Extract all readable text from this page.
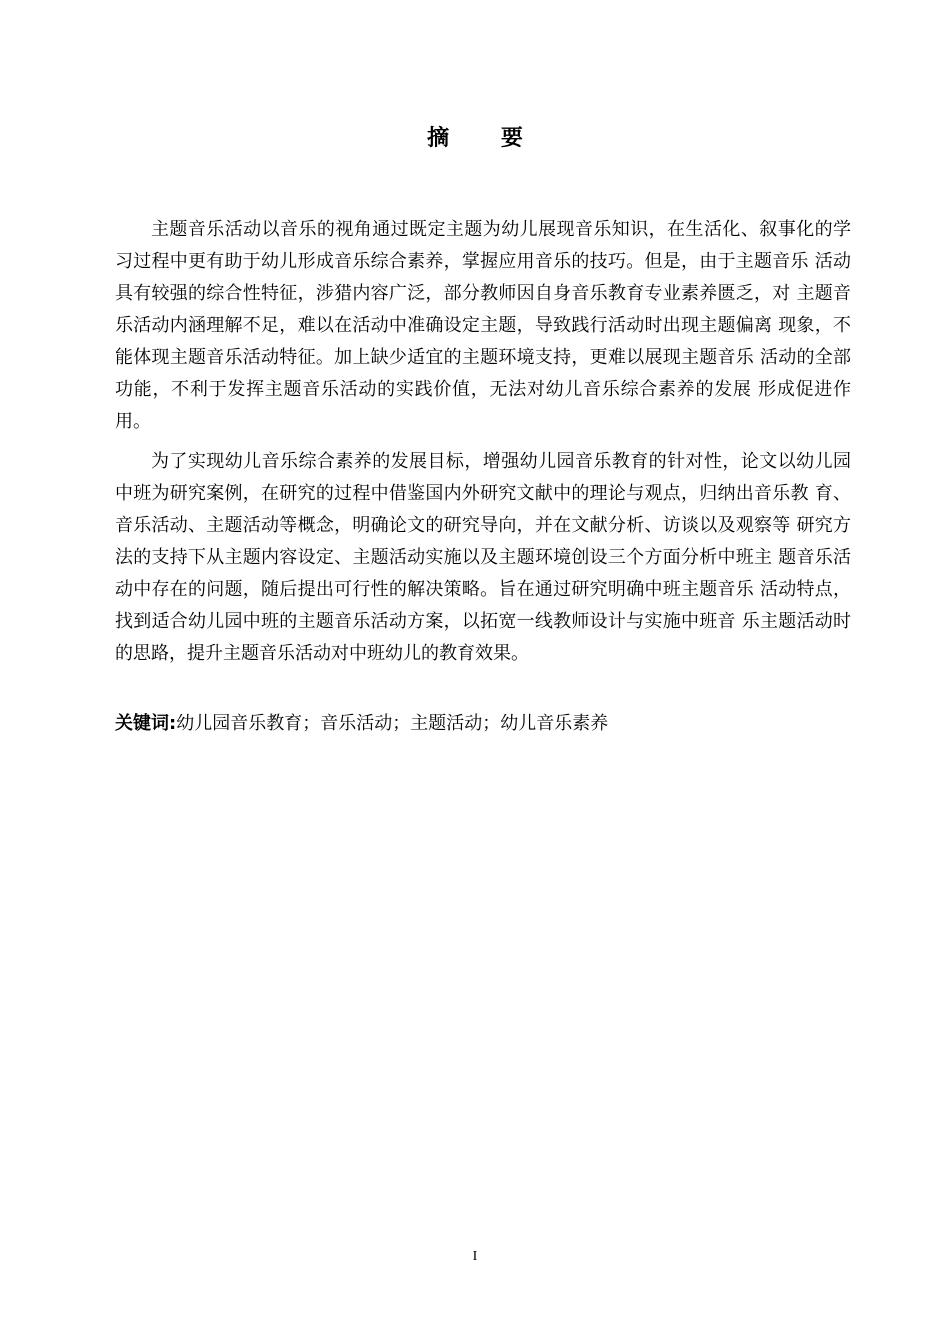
摘 要

主题音乐活动以音乐的视角通过既定主题为幼儿展现音乐知识，在生活化、叙事化的学习过程中更有助于幼儿形成音乐综合素养，掌握应用音乐的技巧。但是，由于主题音乐 活动具有较强的综合性特征，涉猎内容广泛，部分教师因自身音乐教育专业素养匮乏，对 主题音乐活动内涵理解不足，难以在活动中准确设定主题，导致践行活动时出现主题偏离 现象，不能体现主题音乐活动特征。加上缺少适宜的主题环境支持，更难以展现主题音乐 活动的全部功能，不利于发挥主题音乐活动的实践价值，无法对幼儿音乐综合素养的发展 形成促进作用。

为了实现幼儿音乐综合素养的发展目标，增强幼儿园音乐教育的针对性，论文以幼儿园中班为研究案例，在研究的过程中借鉴国内外研究文献中的理论与观点，归纳出音乐教 育、音乐活动、主题活动等概念，明确论文的研究导向，并在文献分析、访谈以及观察等 研究方法的支持下从主题内容设定、主题活动实施以及主题环境创设三个方面分析中班主 题音乐活动中存在的问题，随后提出可行性的解决策略。旨在通过研究明确中班主题音乐 活动特点，找到适合幼儿园中班的主题音乐活动方案，以拓宽一线教师设计与实施中班音 乐主题活动时的思路，提升主题音乐活动对中班幼儿的教育效果。

关键词:幼儿园音乐教育；音乐活动；主题活动；幼儿音乐素养
I
